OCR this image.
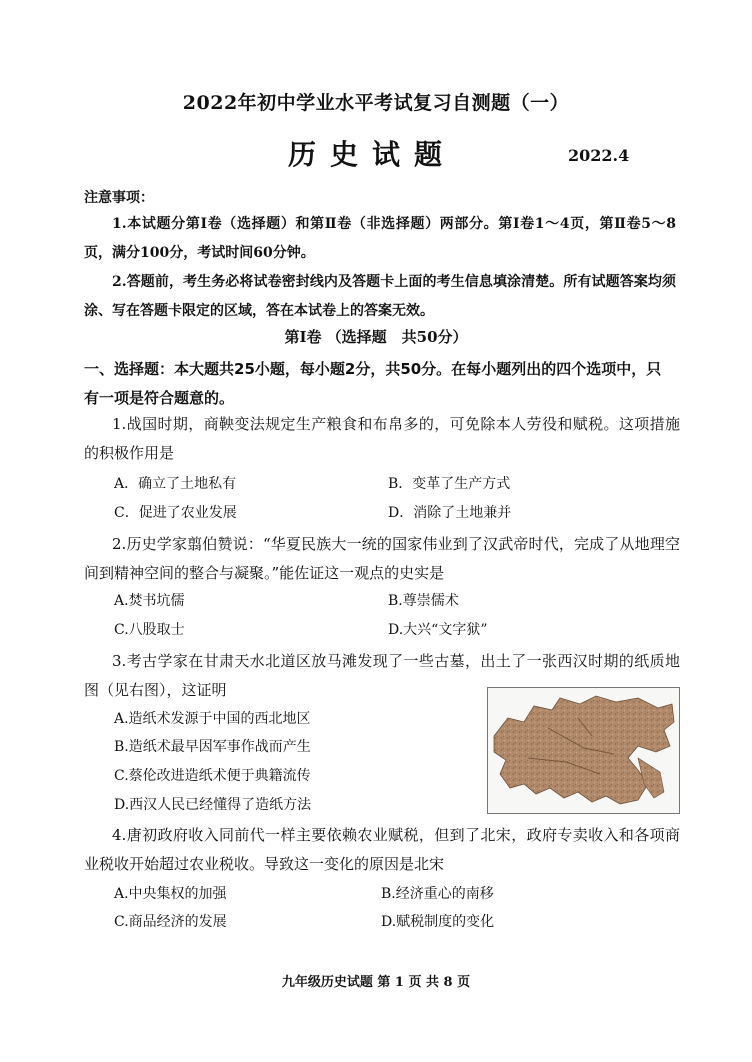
2022年初中学业水平考试复习自测题（一）
历史试题	2022.4
注意事项：
1.本试题分第Ⅰ卷（选择题）和第Ⅱ卷（非选择题）两部分。第Ⅰ卷1～4页，第Ⅱ卷5～8页，满分100分，考试时间60分钟。
2.答题前，考生务必将试卷密封线内及答题卡上面的考生信息填涂清楚。所有试题答案均须涂、写在答题卡限定的区域，答在本试卷上的答案无效。
第Ⅰ卷 （选择题　共50分）
一、选择题：本大题共25小题，每小题2分，共50分。在每小题列出的四个选项中，只有一项是符合题意的。
1.战国时期，商鞅变法规定生产粮食和布帛多的，可免除本人劳役和赋税。这项措施的积极作用是
A．确立了土地私有	B．变革了生产方式
C．促进了农业发展	D．消除了土地兼并
2.历史学家翦伯赞说：“华夏民族大一统的国家伟业到了汉武帝时代，完成了从地理空间到精神空间的整合与凝聚。”能佐证这一观点的史实是
A.焚书坑儒	B.尊崇儒术
C.八股取士	D.大兴“文字狱”
3.考古学家在甘肃天水北道区放马滩发现了一些古墓，出土了一张西汉时期的纸质地图（见右图），这证明
A.造纸术发源于中国的西北地区
B.造纸术最早因军事作战而产生
C.蔡伦改进造纸术便于典籍流传
D.西汉人民已经懂得了造纸方法
4.唐初政府收入同前代一样主要依赖农业赋税，但到了北宋，政府专卖收入和各项商业税收开始超过农业税收。导致这一变化的原因是北宋
A.中央集权的加强	B.经济重心的南移
C.商品经济的发展	D.赋税制度的变化
九年级历史试题 第 1 页 共 8 页
